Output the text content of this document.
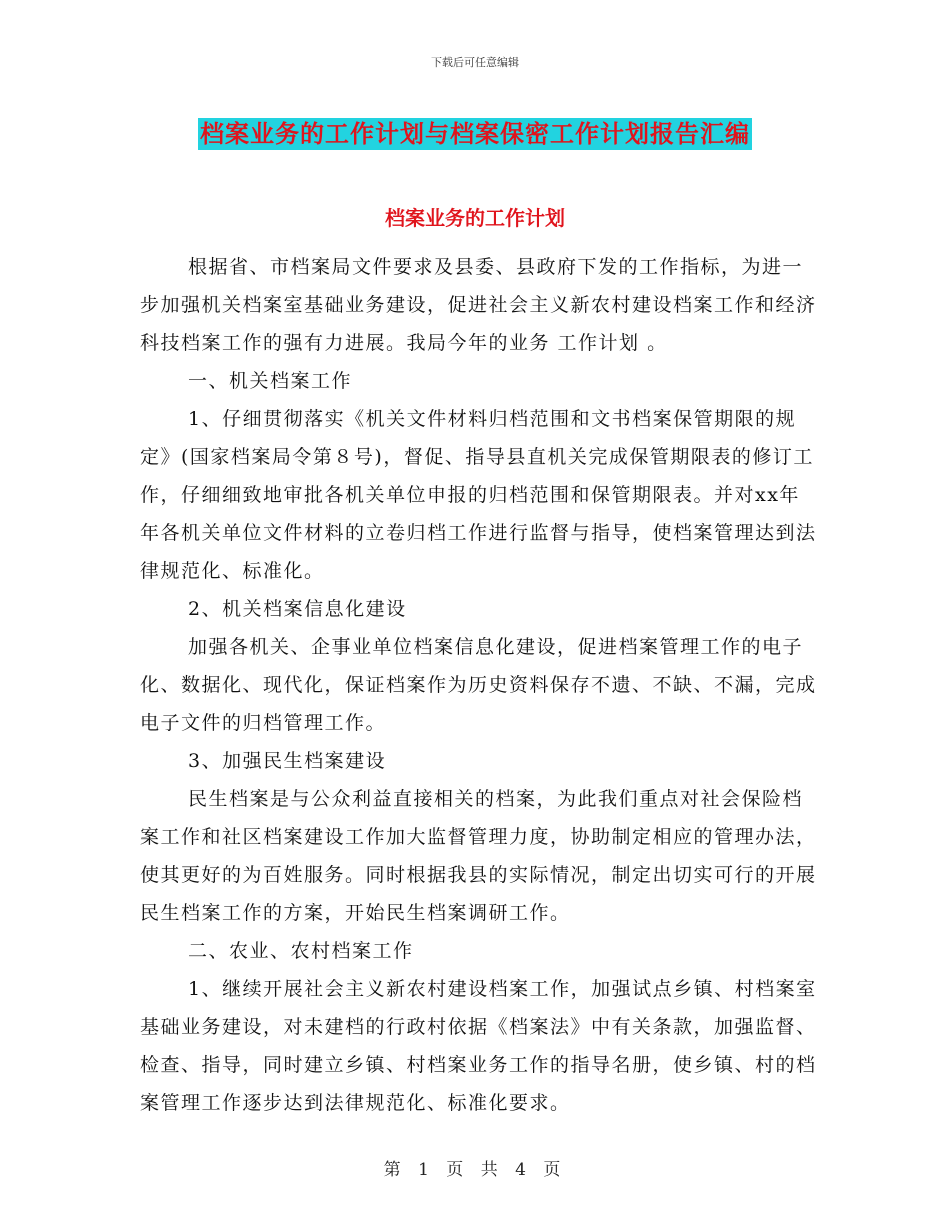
下载后可任意编辑
档案业务的工作计划与档案保密工作计划报告汇编
档案业务的工作计划

根据省、市档案局文件要求及县委、县政府下发的工作指标，为进一步加强机关档案室基础业务建设，促进社会主义新农村建设档案工作和经济科技档案工作的强有力进展。我局今年的业务 工作计划 。

一、机关档案工作

1、仔细贯彻落实《机关文件材料归档范围和文书档案保管期限的规定》(国家档案局令第８号)，督促、指导县直机关完成保管期限表的修订工作，仔细细致地审批各机关单位申报的归档范围和保管期限表。并对xx年年各机关单位文件材料的立卷归档工作进行监督与指导，使档案管理达到法律规范化、标准化。

2、机关档案信息化建设

加强各机关、企事业单位档案信息化建设，促进档案管理工作的电子化、数据化、现代化，保证档案作为历史资料保存不遗、不缺、不漏，完成电子文件的归档管理工作。

3、加强民生档案建设

民生档案是与公众利益直接相关的档案，为此我们重点对社会保险档案工作和社区档案建设工作加大监督管理力度，协助制定相应的管理办法，使其更好的为百姓服务。同时根据我县的实际情况，制定出切实可行的开展民生档案工作的方案，开始民生档案调研工作。

二、农业、农村档案工作

1、继续开展社会主义新农村建设档案工作，加强试点乡镇、村档案室基础业务建设，对未建档的行政村依据《档案法》中有关条款，加强监督、检查、指导，同时建立乡镇、村档案业务工作的指导名册，使乡镇、村的档案管理工作逐步达到法律规范化、标准化要求。

第 1 页 共 4 页
